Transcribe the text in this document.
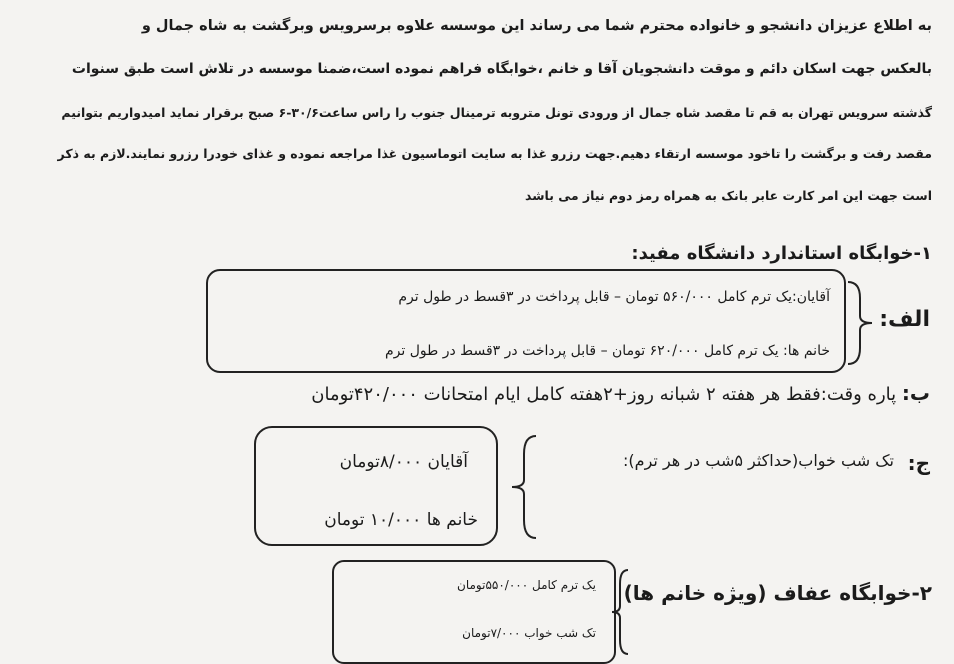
به اطلاع عزیزان دانشجو و خانواده محترم شما می رساند این موسسه علاوه برسرویس وبرگشت به شاه جمال و
بالعکس جهت اسکان دائم و موقت دانشجویان آقا و خانم ،خوابگاه فراهم نموده است،ضمنا موسسه در تلاش است طبق سنوات
گذشته سرویس تهران به قم تا مقصد شاه جمال از ورودی تونل متروبه ترمینال جنوب را راس ساعت۳۰/۶-۶ صبح برقرار نماید امیدواریم بتوانیم
مقصد رفت و برگشت را تاخود موسسه ارتقاء دهیم.جهت رزرو غذا به سایت اتوماسیون غذا مراجعه نموده و غذای خودرا رزرو نمایند.لازم به ذکر
است جهت این امر کارت عابر بانک به همراه رمز دوم نیاز می باشد
۱-خوابگاه استاندارد دانشگاه مفید:
الف:
آقایان:یک ترم کامل ۵۶۰/۰۰۰ تومان – قابل پرداخت در ۳قسط در طول ترم
خانم ها: یک ترم کامل ۶۲۰/۰۰۰ تومان – قابل پرداخت در ۳قسط در طول ترم
ب: پاره وقت:فقط هر هفته ۲ شبانه روز+۲هفته کامل ایام امتحانات ۴۲۰/۰۰۰تومان
ج:
تک شب خواب(حداکثر ۵شب در هر ترم):
آقایان ۸/۰۰۰تومان
خانم ها ۱۰/۰۰۰ تومان
۲-خوابگاه عفاف (ویژه خانم ها)
یک ترم کامل ۵۵۰/۰۰۰تومان
تک شب خواب ۷/۰۰۰تومان
